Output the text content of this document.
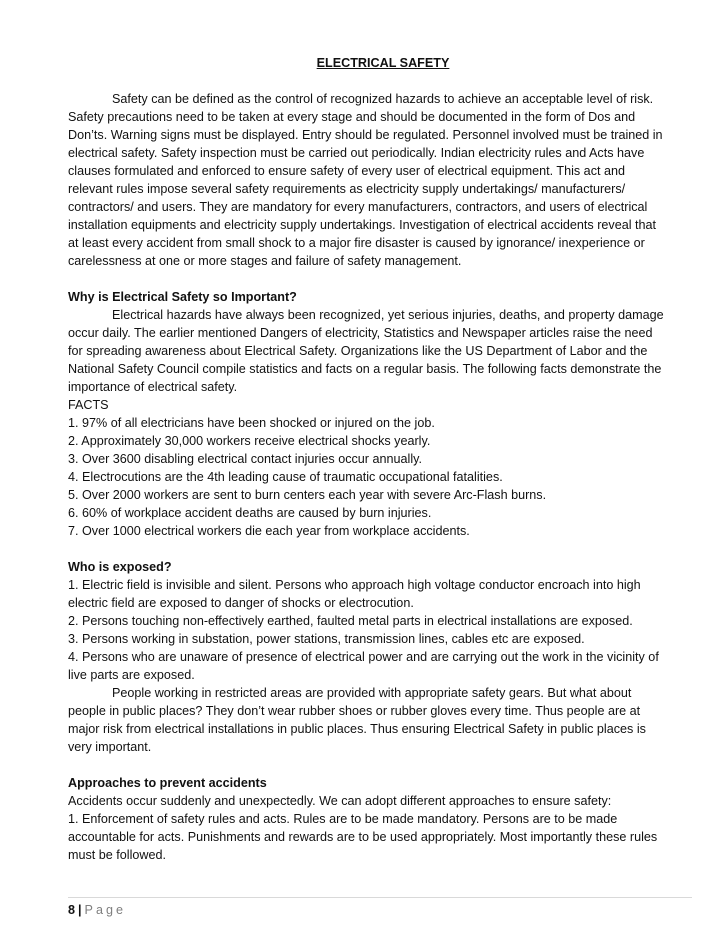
ELECTRICAL SAFETY

Safety can be defined as the control of recognized hazards to achieve an acceptable level of risk. Safety precautions need to be taken at every stage and should be documented in the form of Dos and Don’ts. Warning signs must be displayed. Entry should be regulated. Personnel involved must be trained in electrical safety. Safety inspection must be carried out periodically. Indian electricity rules and Acts have clauses formulated and enforced to ensure safety of every user of electrical equipment. This act and relevant rules impose several safety requirements as electricity supply undertakings/ manufacturers/ contractors/ and users. They are mandatory for every manufacturers, contractors, and users of electrical installation equipments and electricity supply undertakings. Investigation of electrical accidents reveal that at least every accident from small shock to a major fire disaster is caused by ignorance/ inexperience or carelessness at one or more stages and failure of safety management.

Why is Electrical Safety so Important?

Electrical hazards have always been recognized, yet serious injuries, deaths, and property damage occur daily. The earlier mentioned Dangers of electricity, Statistics and Newspaper articles raise the need for spreading awareness about Electrical Safety. Organizations like the US Department of Labor and the National Safety Council compile statistics and facts on a regular basis. The following facts demonstrate the importance of electrical safety.

FACTS

1. 97% of all electricians have been shocked or injured on the job.

2. Approximately 30,000 workers receive electrical shocks yearly.

3. Over 3600 disabling electrical contact injuries occur annually.

4. Electrocutions are the 4th leading cause of traumatic occupational fatalities.

5. Over 2000 workers are sent to burn centers each year with severe Arc-Flash burns.

6. 60% of workplace accident deaths are caused by burn injuries.

7. Over 1000 electrical workers die each year from workplace accidents.

Who is exposed?

1. Electric field is invisible and silent. Persons who approach high voltage conductor encroach into high electric field are exposed to danger of shocks or electrocution.

2. Persons touching non-effectively earthed, faulted metal parts in electrical installations are exposed.

3. Persons working in substation, power stations, transmission lines, cables etc are exposed.

4. Persons who are unaware of presence of electrical power and are carrying out the work in the vicinity of live parts are exposed.

People working in restricted areas are provided with appropriate safety gears. But what about people in public places? They don’t wear rubber shoes or rubber gloves every time. Thus people are at major risk from electrical installations in public places. Thus ensuring Electrical Safety in public places is very important.

Approaches to prevent accidents

Accidents occur suddenly and unexpectedly. We can adopt different approaches to ensure safety:

1. Enforcement of safety rules and acts. Rules are to be made mandatory. Persons are to be made accountable for acts. Punishments and rewards are to be used appropriately. Most importantly these rules must be followed.

8 | Page
